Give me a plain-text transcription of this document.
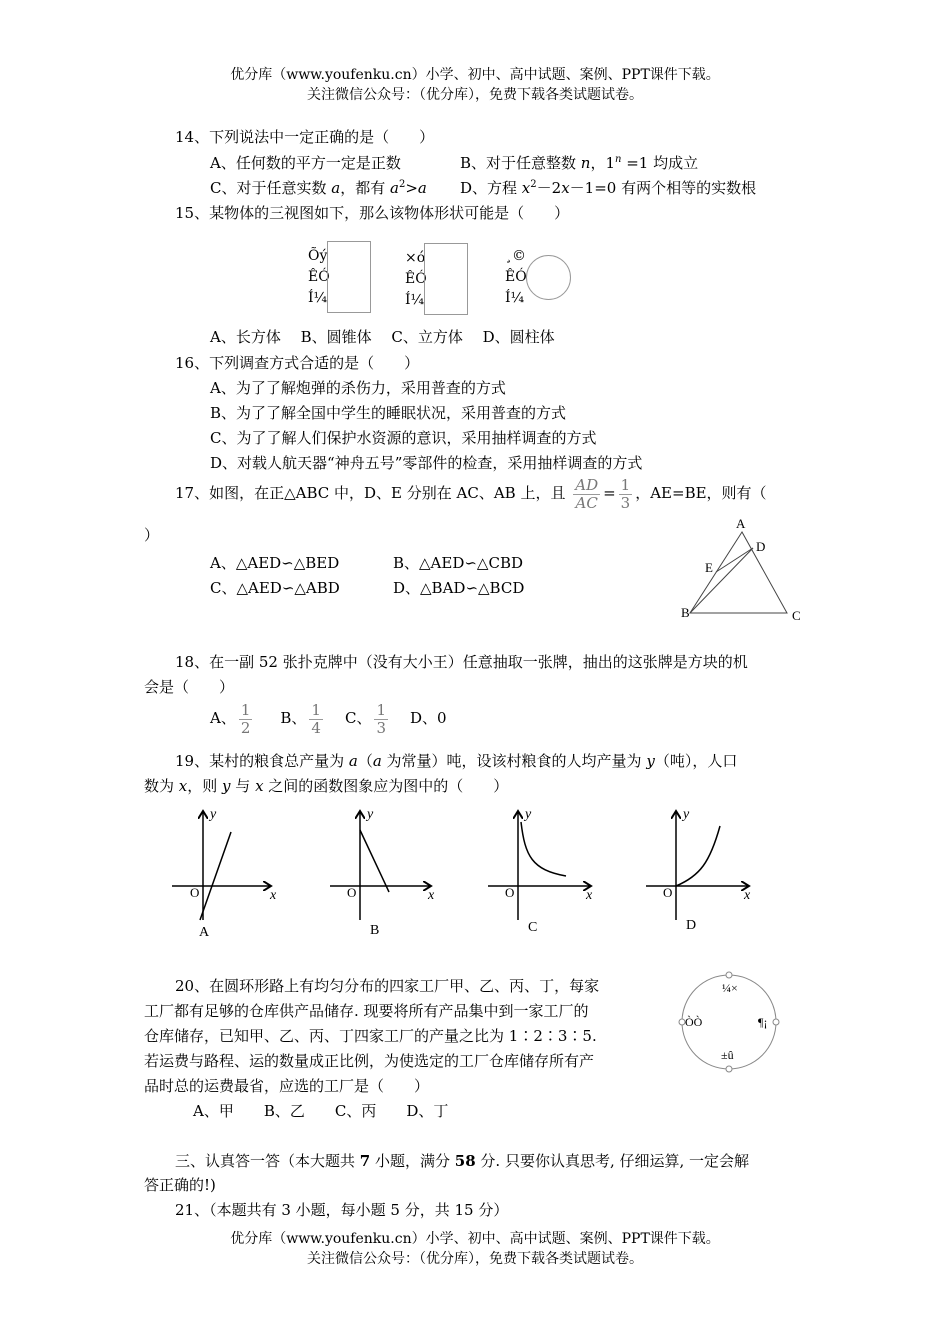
优分库（www.youfenku.cn）小学、初中、高中试题、案例、PPT课件下载。
关注微信公众号：（优分库），免费下载各类试题试卷。
14、下列说法中一定正确的是（　　）
A、任何数的平方一定是正数	B、对于任意整数 n，$1^n =1$ 均成立
C、对于任意实数 a，都有 $a^2>a$ D、方程 $x^2-2x-1=0$ 有两个相等的实数根
15、某物体的三视图如下，那么该物体形状可能是（　　）
Õý
ÊÓ
Í¼
×ó
ÊÓ
Í¼
¸©
ÊÓ
Í¼
A、长方体　 B、圆锥体　 C、立方体　 D、圆柱体
16、下列调查方式合适的是（　　）
A、为了了解炮弹的杀伤力，采用普查的方式
B、为了了解全国中学生的睡眠状况，采用普查的方式
C、为了了解人们保护水资源的意识，采用抽样调查的方式
D、对载人航天器“神舟五号”零部件的检查，采用抽样调查的方式
17、如图，在正△ABC 中，D、E 分别在 AC、AB 上，且 $\frac{AD}{AC} = \frac{1}{3}$ ，AE=BE，则有（
）
A、△AED∽△BED	B、△AED∽△CBD
C、△AED∽△ABD	D、△BAD∽△BCD
A
D
E
B	C
18、在一副 52 张扑克牌中（没有大小王）任意抽取一张牌，抽出的这张牌是方块的机
会是（　　）
A、 $\frac{1}{2}$ B、 $\frac{1}{4}$ C、 $\frac{1}{3}$ D、0
19、某村的粮食总产量为 a（a 为常量）吨，设该村粮食的人均产量为 y（吨），人口
数为 x，则 y 与 x 之间的函数图象应为图中的（　　）
O
y
x
A
O
y
x
B
O
y
x
C
O
y
x
D
20、在圆环形路上有均匀分布的四家工厂甲、乙、丙、丁，每家
工厂都有足够的仓库供产品储存. 现要将所有产品集中到一家工厂的
仓库储存，已知甲、乙、丙、丁四家工厂的产量之比为 1∶2∶3∶5.
若运费与路程、运的数量成正比例，为使选定的工厂仓库储存所有产
品时总的运费最省，应选的工厂是（　　）
A、甲　　B、乙　　C、丙　　D、丁
¼×
ÒÒ	¶¡
±û
三、认真答一答（本大题共 7 小题，满分 58 分. 只要你认真思考, 仔细运算, 一定会解
答正确的!)
21、（本题共有 3 小题，每小题 5 分，共 15 分）
优分库（www.youfenku.cn）小学、初中、高中试题、案例、PPT课件下载。
关注微信公众号：（优分库），免费下载各类试题试卷。
